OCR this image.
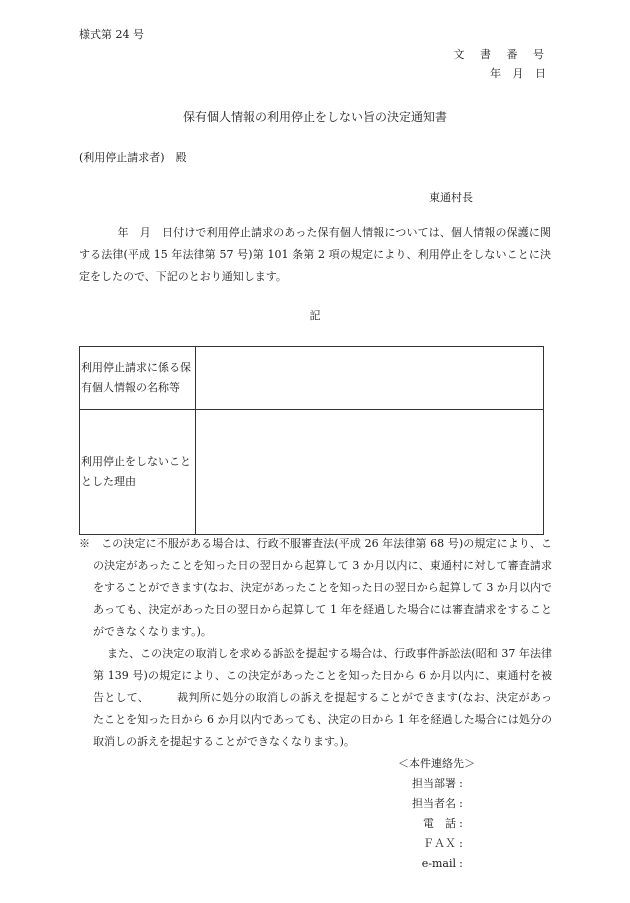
様式第 24 号

文 書 番 号

年 月 日

保有個人情報の利用停止をしない旨の決定通知書

(利用停止請求者)　殿

東通村長

年　月　日付けで利用停止請求のあった保有個人情報については、個人情報の保護に関する法律(平成 15 年法律第 57 号)第 101 条第 2 項の規定により、利用停止をしないことに決定をしたので、下記のとおり通知します。

記

利用停止請求に係る保有個人情報の名称等	
利用停止をしないこととした理由	

※　この決定に不服がある場合は、行政不服審査法(平成 26 年法律第 68 号)の規定により、この決定があったことを知った日の翌日から起算して 3 か月以内に、東通村に対して審査請求をすることができます(なお、決定があったことを知った日の翌日から起算して 3 か月以内であっても、決定があった日の翌日から起算して 1 年を経過した場合には審査請求をすることができなくなります。)。

また、この決定の取消しを求める訴訟を提起する場合は、行政事件訴訟法(昭和 37 年法律第 139 号)の規定により、この決定があったことを知った日から 6 か月以内に、東通村を被告として、　　　裁判所に処分の取消しの訴えを提起することができます(なお、決定があったことを知った日から 6 か月以内であっても、決定の日から 1 年を経過した場合には処分の取消しの訴えを提起することができなくなります。)。

＜本件連絡先＞

担当部署 :
担当者名 :
電　話 :
ＦＡＸ :
e-mail :
